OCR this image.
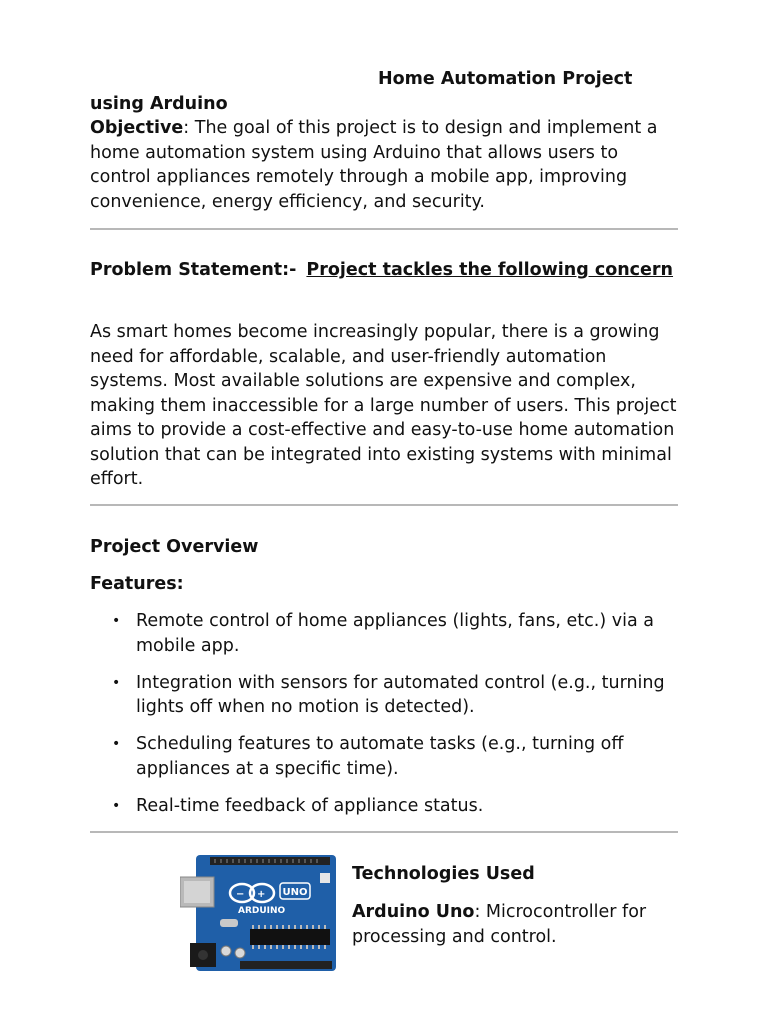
Home Automation Project
using Arduino
Objective: The goal of this project is to design and implement a home automation system using Arduino that allows users to control appliances remotely through a mobile app, improving convenience, energy efficiency, and security.
Problem Statement:- Project tackles the following concern
As smart homes become increasingly popular, there is a growing need for affordable, scalable, and user-friendly automation systems. Most available solutions are expensive and complex, making them inaccessible for a large number of users. This project aims to provide a cost-effective and easy-to-use home automation solution that can be integrated into existing systems with minimal effort.
Project Overview
Features:
• Remote control of home appliances (lights, fans, etc.) via a mobile app.
• Integration with sensors for automated control (e.g., turning lights off when no motion is detected).
• Scheduling features to automate tasks (e.g., turning off appliances at a specific time).
• Real-time feedback of appliance status.
− + UNO
ARDUINO
Technologies Used
Arduino Uno: Microcontroller for processing and control.
